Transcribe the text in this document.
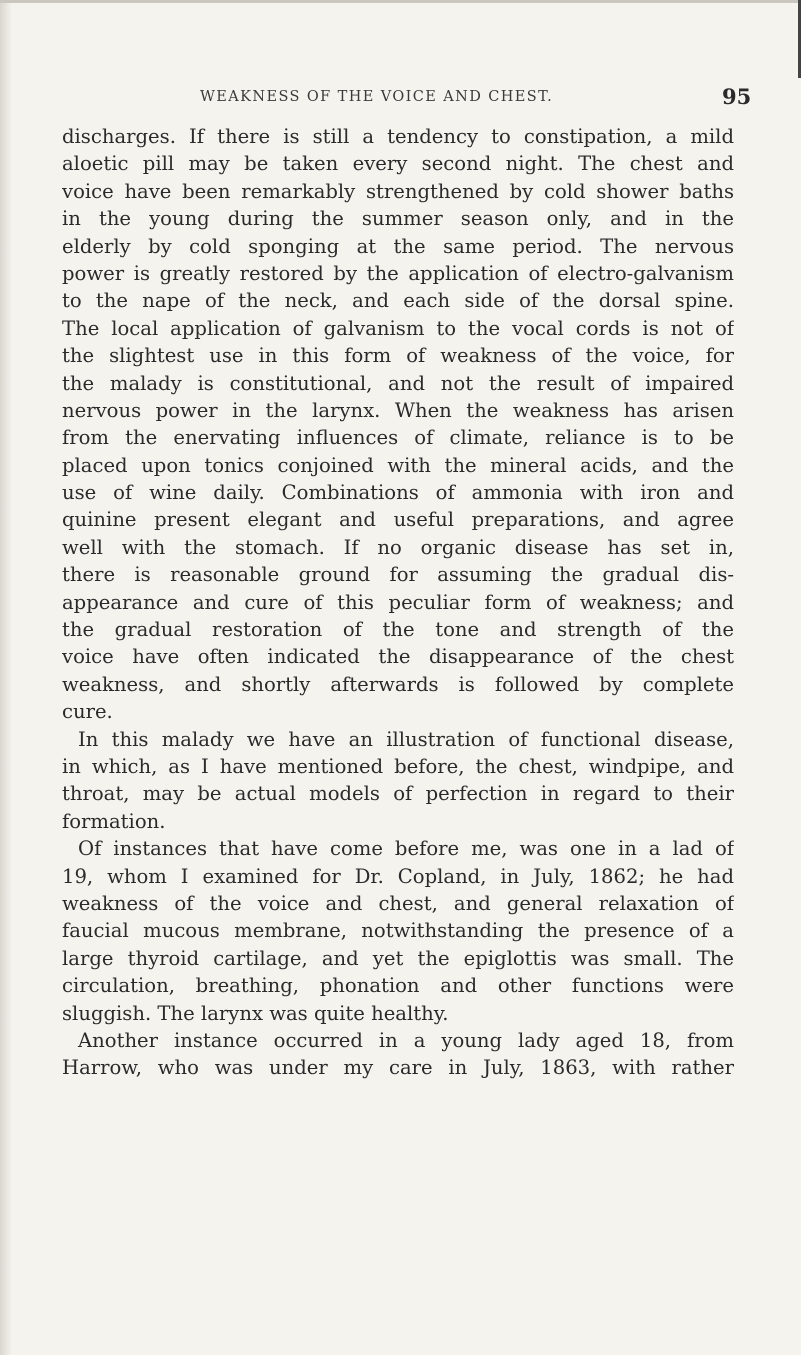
WEAKNESS OF THE VOICE AND CHEST.	95
discharges. If there is still a tendency to constipation, a mild
aloetic pill may be taken every second night. The chest and
voice have been remarkably strengthened by cold shower baths
in the young during the summer season only, and in the
elderly by cold sponging at the same period. The nervous
power is greatly restored by the application of electro-galvanism
to the nape of the neck, and each side of the dorsal spine.
The local application of galvanism to the vocal cords is not of
the slightest use in this form of weakness of the voice, for
the malady is constitutional, and not the result of impaired
nervous power in the larynx. When the weakness has arisen
from the enervating influences of climate, reliance is to be
placed upon tonics conjoined with the mineral acids, and the
use of wine daily. Combinations of ammonia with iron and
quinine present elegant and useful preparations, and agree
well with the stomach. If no organic disease has set in,
there is reasonable ground for assuming the gradual dis-
appearance and cure of this peculiar form of weakness; and
the gradual restoration of the tone and strength of the
voice have often indicated the disappearance of the chest
weakness, and shortly afterwards is followed by complete
cure.
In this malady we have an illustration of functional disease,
in which, as I have mentioned before, the chest, windpipe, and
throat, may be actual models of perfection in regard to their
formation.
Of instances that have come before me, was one in a lad of
19, whom I examined for Dr. Copland, in July, 1862; he had
weakness of the voice and chest, and general relaxation of
faucial mucous membrane, notwithstanding the presence of a
large thyroid cartilage, and yet the epiglottis was small. The
circulation, breathing, phonation and other functions were
sluggish. The larynx was quite healthy.
Another instance occurred in a young lady aged 18, from
Harrow, who was under my care in July, 1863, with rather
